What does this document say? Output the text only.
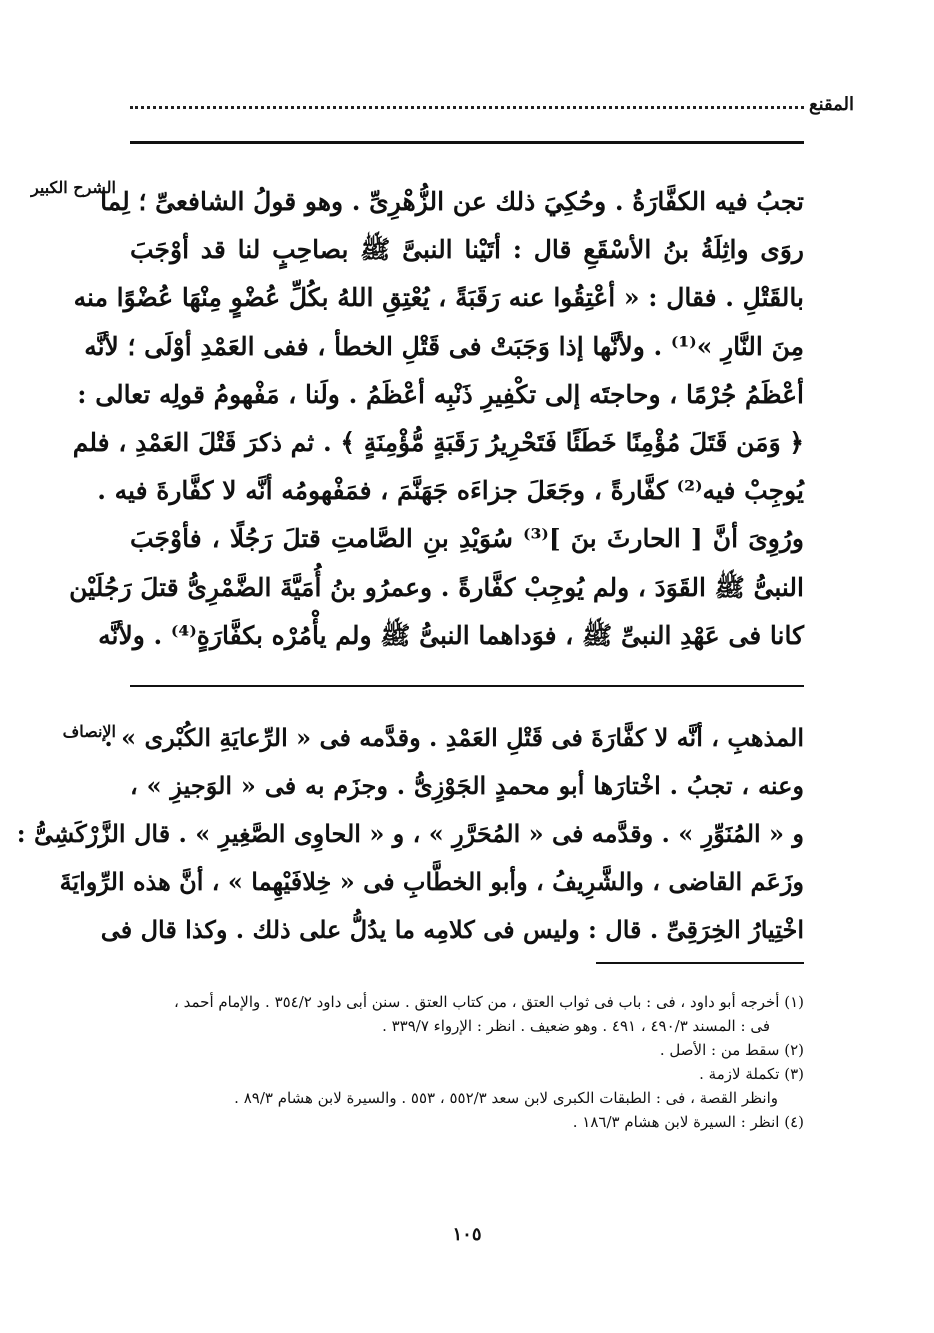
المقنع
الشرح الكبير
تجبُ فيه الكفَّارَةُ . وحُكِيَ ذلك عن الزُّهْرِىِّ . وهو قولُ الشافعىِّ ؛ لِما
روَى واثِلَةُ بنُ الأسْقَعِ قال : أتَيْنا النبىَّ ﷺ بصاحِبٍ لنا قد أوْجَبَ
بالقَتْلِ . فقال : « أعْتِقُوا عنه رَقَبَةً ، يُعْتِقِ اللهُ بكُلِّ عُضْوٍ مِنْهَا عُضْوًا منه
مِنَ النَّارِ »⁽¹⁾ . ولأنَّها إذا وَجَبَتْ فى قَتْلِ الخطأ ، ففى العَمْدِ أوْلَى ؛ لأنَّه
أعْظَمُ جُرْمًا ، وحاجتَه إلى تكْفِيرِ ذَنْبِه أعْظَمُ . ولَنا ، مَفْهومُ قولِه تعالى :
﴿ وَمَن قَتَلَ مُؤْمِنًا خَطَئًا فَتَحْرِيرُ رَقَبَةٍ مُّؤْمِنَةٍ ﴾ . ثم ذكرَ قَتْلَ العَمْدِ ، فلم
يُوجِبْ فيه⁽²⁾ كفَّارةً ، وجَعَلَ جزاءَه جَهَنَّمَ ، فمَفْهومُه أنَّه لا كفَّارةَ فيه .
ورُوِىَ أنَّ [ الحارثَ بنَ ]⁽³⁾ سُوَيْدِ بنِ الصَّامتِ قتلَ رَجُلًا ، فأوْجَبَ
النبىُّ ﷺ القَوَدَ ، ولم يُوجِبْ كفَّارةً . وعمرُو بنُ أُمَيَّةَ الضَّمْرِىُّ قتلَ رَجُلَيْن
كانا فى عَهْدِ النبىِّ ﷺ ، فوَداهما النبىُّ ﷺ ولم يأْمُرْه بكفَّارَةٍ⁽⁴⁾ . ولأنَّه
الإنصاف
المذهبِ ، أنَّه لا كفَّارَةَ فى قَتْلِ العَمْدِ . وقدَّمه فى « الرِّعايَةِ الكُبْرى » .
وعنه ، تجبُ . اخْتارَها أبو محمدٍ الجَوْزِىُّ . وجزَم به فى « الوَجيزِ » ،
و « المُنَوِّرِ » . وقدَّمه فى « المُحَرَّرِ » ، و « الحاوِى الصَّغِيرِ » . قال الزَّرْكَشِىُّ :
وزَعَم القاضى ، والشَّرِيفُ ، وأبو الخطَّابِ فى « خِلافَيْهِما » ، أنَّ هذه الرِّوايَةَ
اخْتِيارُ الخِرَقِىِّ . قال : وليس فى كلامِه ما يدُلُّ على ذلك . وكذا قال فى
(١) أخرجه أبو داود ، فى : باب فى ثواب العتق ، من كتاب العتق . سنن أبى داود ٣٥٤/٢ . والإمام أحمد ،
فى : المسند ٤٩٠/٣ ، ٤٩١ . وهو ضعيف . انظر : الإرواء ٣٣٩/٧ .
(٢) سقط من : الأصل .
(٣) تكملة لازمة .
وانظر القصة ، فى : الطبقات الكبرى لابن سعد ٥٥٢/٣ ، ٥٥٣ . والسيرة لابن هشام ٨٩/٣ .
(٤) انظر : السيرة لابن هشام ١٨٦/٣ .
١٠٥
